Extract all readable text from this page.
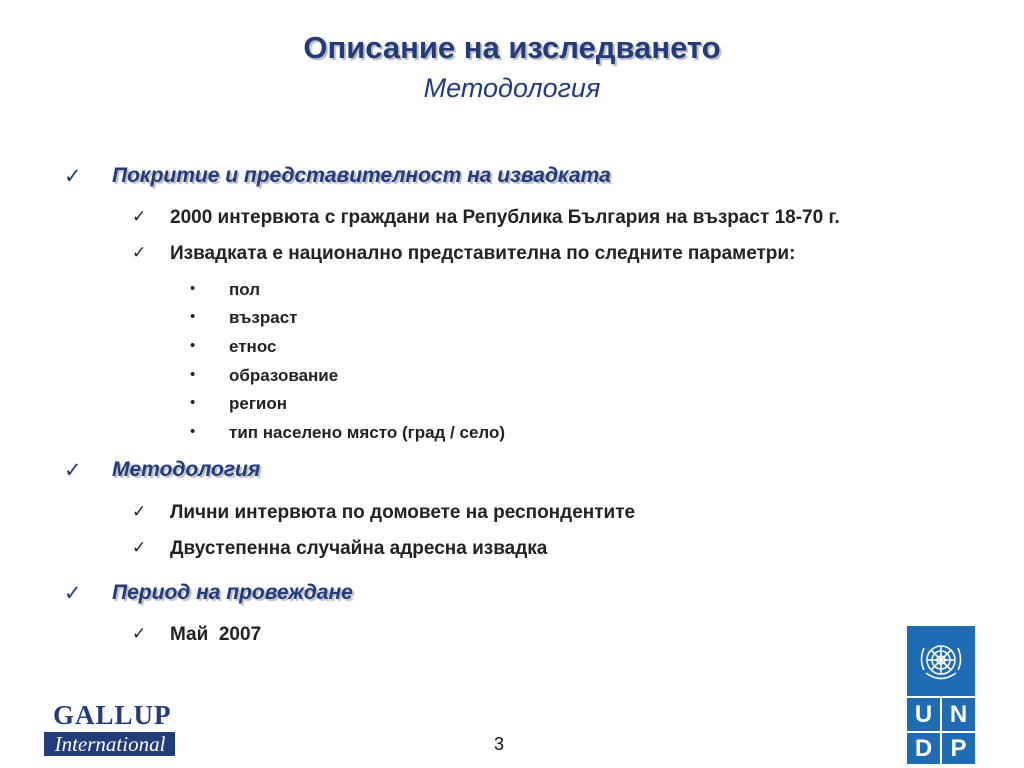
Описание на изследването
Методология
✓ Покритие и представителност на извадката
✓ 2000 интервюта с граждани на Република България на възраст 18-70 г.
✓ Извадката е национално представителна по следните параметри:
• пол
• възраст
• етнос
• образование
• регион
• тип населено място (град / село)
✓ Методология
✓ Лични интервюта по домовете на респондентите
✓ Двустепенна случайна адресна извадка
✓ Период на провеждане
✓ Май  2007
GALLUP
International	3
U N
D P
